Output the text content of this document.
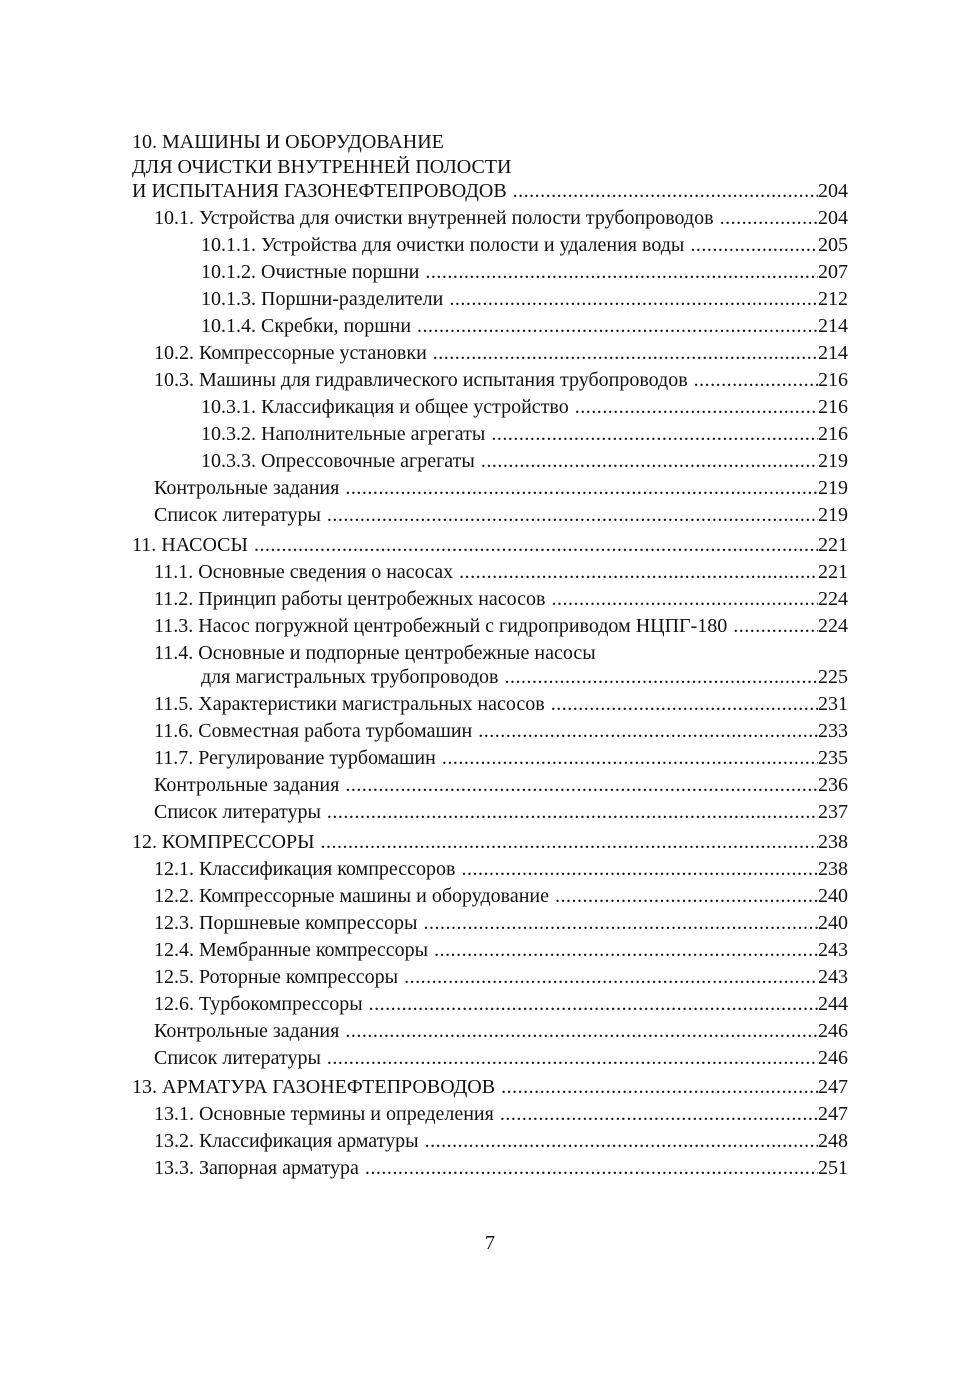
10. МАШИНЫ И ОБОРУДОВАНИЕ
ДЛЯ ОЧИСТКИ ВНУТРЕННЕЙ ПОЛОСТИ
И ИСПЫТАНИЯ ГАЗОНЕФТЕПРОВОДОВ .....	204
10.1. Устройства для очистки внутренней полости трубопроводов .....	204
10.1.1. Устройства для очистки полости и удаления воды .....	205
10.1.2. Очистные поршни .....	207
10.1.3. Поршни-разделители .....	212
10.1.4. Скребки, поршни .....	214
10.2. Компрессорные установки .....	214
10.3. Машины для гидравлического испытания трубопроводов .....	216
10.3.1. Классификация и общее устройство .....	216
10.3.2. Наполнительные агрегаты .....	216
10.3.3. Опрессовочные агрегаты .....	219
Контрольные задания .....	219
Список литературы .....	219
11. НАСОСЫ .....	221
11.1. Основные сведения о насосах .....	221
11.2. Принцип работы центробежных насосов .....	224
11.3. Насос погружной центробежный с гидроприводом НЦПГ-180 .....	224
11.4. Основные и подпорные центробежные насосы
для магистральных трубопроводов .....	225
11.5. Характеристики магистральных насосов .....	231
11.6. Совместная работа турбомашин .....	233
11.7. Регулирование турбомашин .....	235
Контрольные задания .....	236
Список литературы .....	237
12. КОМПРЕССОРЫ .....	238
12.1. Классификация компрессоров .....	238
12.2. Компрессорные машины и оборудование .....	240
12.3. Поршневые компрессоры .....	240
12.4. Мембранные компрессоры .....	243
12.5. Роторные компрессоры .....	243
12.6. Турбокомпрессоры .....	244
Контрольные задания .....	246
Список литературы .....	246
13. АРМАТУРА ГАЗОНЕФТЕПРОВОДОВ .....	247
13.1. Основные термины и определения .....	247
13.2. Классификация арматуры .....	248
13.3. Запорная арматура .....	251
7
